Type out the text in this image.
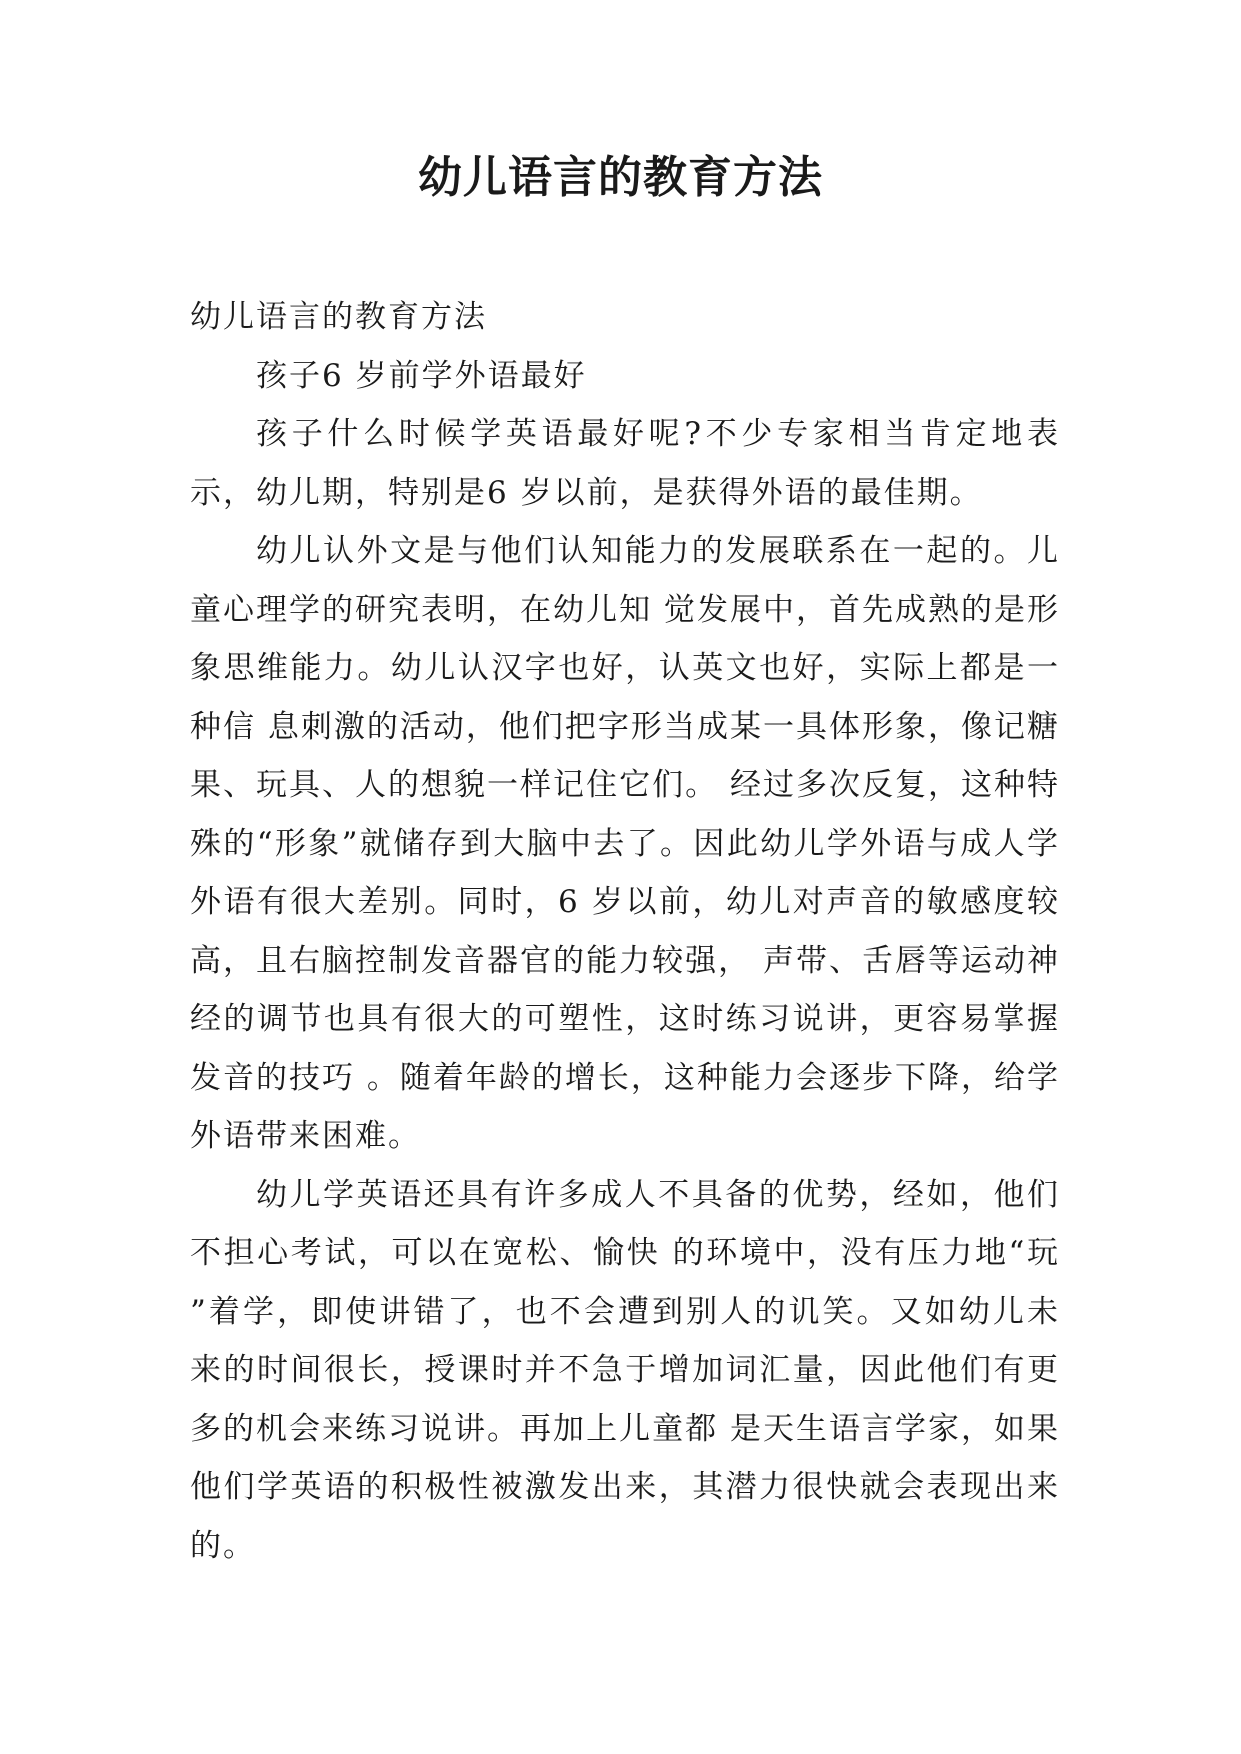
幼儿语言的教育方法

幼儿语言的教育方法

孩子6 岁前学外语最好

孩子什么时候学英语最好呢?不少专家相当肯定地表示，幼儿期，特别是6 岁以前，是获得外语的最佳期。

幼儿认外文是与他们认知能力的发展联系在一起的。儿童心理学的研究表明，在幼儿知 觉发展中，首先成熟的是形象思维能力。幼儿认汉字也好，认英文也好，实际上都是一种信 息刺激的活动，他们把字形当成某一具体形象，像记糖果、玩具、人的想貌一样记住它们。 经过多次反复，这种特殊的“形象”就储存到大脑中去了。因此幼儿学外语与成人学外语有很大差别。同时，6 岁以前，幼儿对声音的敏感度较高，且右脑控制发音器官的能力较强， 声带、舌唇等运动神经的调节也具有很大的可塑性，这时练习说讲，更容易掌握发音的技巧 。随着年龄的增长，这种能力会逐步下降，给学外语带来困难。

幼儿学英语还具有许多成人不具备的优势，经如，他们不担心考试，可以在宽松、愉快 的环境中，没有压力地“玩 ”着学，即使讲错了，也不会遭到别人的讥笑。又如幼儿未来的时间很长，授课时并不急于增加词汇量，因此他们有更多的机会来练习说讲。再加上儿童都 是天生语言学家，如果他们学英语的积极性被激发出来，其潜力很快就会表现出来的。
